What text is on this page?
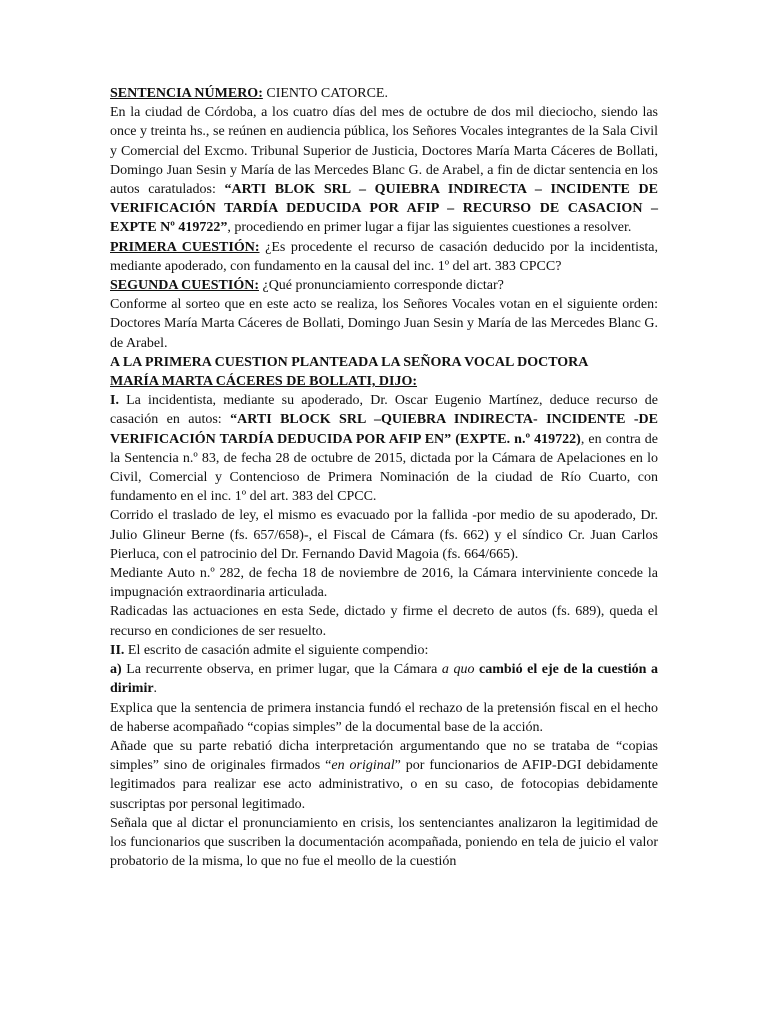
SENTENCIA NÚMERO: CIENTO CATORCE.

En la ciudad de Córdoba, a los cuatro días del mes de octubre de dos mil dieciocho, siendo las once y treinta hs., se reúnen en audiencia pública, los Señores Vocales integrantes de la Sala Civil y Comercial del Excmo. Tribunal Superior de Justicia, Doctores María Marta Cáceres de Bollati, Domingo Juan Sesin y María de las Mercedes Blanc G. de Arabel, a fin de dictar sentencia en los autos caratulados: “ARTI BLOK SRL – QUIEBRA INDIRECTA – INCIDENTE DE VERIFICACIÓN TARDÍA DEDUCIDA POR AFIP – RECURSO DE CASACION – EXPTE Nº 419722”, procediendo en primer lugar a fijar las siguientes cuestiones a resolver.

PRIMERA CUESTIÓN: ¿Es procedente el recurso de casación deducido por la incidentista, mediante apoderado, con fundamento en la causal del inc. 1º del art. 383 CPCC?

SEGUNDA CUESTIÓN: ¿Qué pronunciamiento corresponde dictar?

Conforme al sorteo que en este acto se realiza, los Señores Vocales votan en el siguiente orden: Doctores María Marta Cáceres de Bollati, Domingo Juan Sesin y María de las Mercedes Blanc G. de Arabel.

A LA PRIMERA CUESTION PLANTEADA LA SEÑORA VOCAL DOCTORA
MARÍA MARTA CÁCERES DE BOLLATI, DIJO:

I. La incidentista, mediante su apoderado, Dr. Oscar Eugenio Martínez, deduce recurso de casación en autos: “ARTI BLOCK SRL –QUIEBRA INDIRECTA- INCIDENTE -DE VERIFICACIÓN TARDÍA DEDUCIDA POR AFIP EN” (EXPTE. n.º 419722), en contra de la Sentencia n.º 83, de fecha 28 de octubre de 2015, dictada por la Cámara de Apelaciones en lo Civil, Comercial y Contencioso de Primera Nominación de la ciudad de Río Cuarto, con fundamento en el inc. 1º del art. 383 del CPCC.

Corrido el traslado de ley, el mismo es evacuado por la fallida -por medio de su apoderado, Dr. Julio Glineur Berne (fs. 657/658)-, el Fiscal de Cámara (fs. 662) y el síndico Cr. Juan Carlos Pierluca, con el patrocinio del Dr. Fernando David Magoia (fs. 664/665).

Mediante Auto n.º 282, de fecha 18 de noviembre de 2016, la Cámara interviniente concede la impugnación extraordinaria articulada.

Radicadas las actuaciones en esta Sede, dictado y firme el decreto de autos (fs. 689), queda el recurso en condiciones de ser resuelto.

II. El escrito de casación admite el siguiente compendio:

a) La recurrente observa, en primer lugar, que la Cámara a quo cambió el eje de la cuestión a dirimir.

Explica que la sentencia de primera instancia fundó el rechazo de la pretensión fiscal en el hecho de haberse acompañado “copias simples” de la documental base de la acción.

Añade que su parte rebatió dicha interpretación argumentando que no se trataba de “copias simples” sino de originales firmados “en original” por funcionarios de AFIP-DGI debidamente legitimados para realizar ese acto administrativo, o en su caso, de fotocopias debidamente suscriptas por personal legitimado.

Señala que al dictar el pronunciamiento en crisis, los sentenciantes analizaron la legitimidad de los funcionarios que suscriben la documentación acompañada, poniendo en tela de juicio el valor probatorio de la misma, lo que no fue el meollo de la cuestión
